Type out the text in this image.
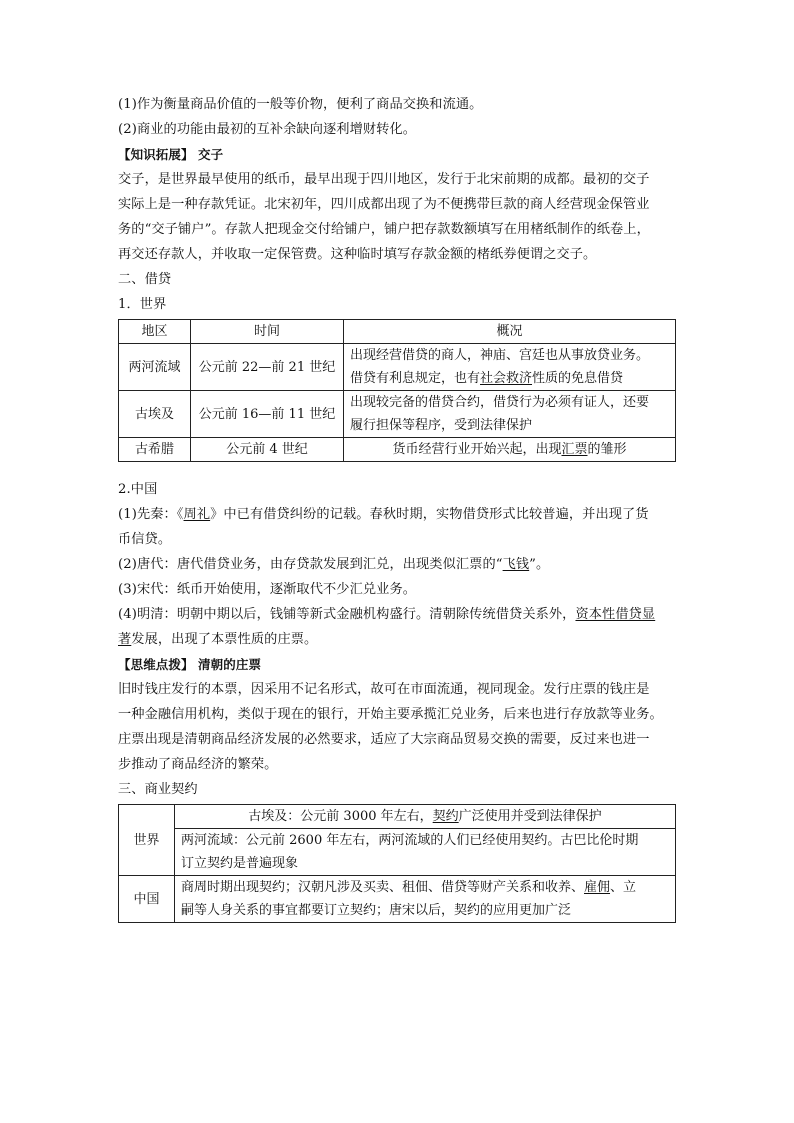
(1)作为衡量商品价值的一般等价物，便利了商品交换和流通。
(2)商业的功能由最初的互补余缺向逐利增财转化。
【知识拓展】 交子
交子，是世界最早使用的纸币，最早出现于四川地区，发行于北宋前期的成都。最初的交子
实际上是一种存款凭证。北宋初年，四川成都出现了为不便携带巨款的商人经营现金保管业
务的“交子铺户”。存款人把现金交付给铺户，铺户把存款数额填写在用楮纸制作的纸卷上，
再交还存款人，并收取一定保管费。这种临时填写存款金额的楮纸券便谓之交子。
二、借贷
1．世界
地区	时间	概况
两河流域	公元前 22—前 21 世纪	出现经营借贷的商人，神庙、宫廷也从事放贷业务。
借贷有利息规定，也有社会救济性质的免息借贷

古埃及	公元前 16—前 11 世纪	出现较完备的借贷合约，借贷行为必须有证人，还要
履行担保等程序，受到法律保护

古希腊	公元前 4 世纪	货币经营行业开始兴起，出现汇票的雏形
2.中国
(1)先秦：《周礼》中已有借贷纠纷的记载。春秋时期，实物借贷形式比较普遍，并出现了货
币信贷。
(2)唐代：唐代借贷业务，由存贷款发展到汇兑，出现类似汇票的“飞钱”。
(3)宋代：纸币开始使用，逐渐取代不少汇兑业务。
(4)明清：明朝中期以后，钱铺等新式金融机构盛行。清朝除传统借贷关系外，资本性借贷显
著发展，出现了本票性质的庄票。
【思维点拨】 清朝的庄票
旧时钱庄发行的本票，因采用不记名形式，故可在市面流通，视同现金。发行庄票的钱庄是
一种金融信用机构，类似于现在的银行，开始主要承揽汇兑业务，后来也进行存放款等业务。
庄票出现是清朝商品经济发展的必然要求，适应了大宗商品贸易交换的需要，反过来也进一
步推动了商品经济的繁荣。
三、商业契约
世界	古埃及：公元前 3000 年左右，契约广泛使用并受到法律保护

	两河流域：公元前 2600 年左右，两河流域的人们已经使用契约。古巴比伦时期
订立契约是普遍现象

中国	商周时期出现契约；汉朝凡涉及买卖、租佃、借贷等财产关系和收养、雇佣、立
嗣等人身关系的事宜都要订立契约；唐宋以后，契约的应用更加广泛
